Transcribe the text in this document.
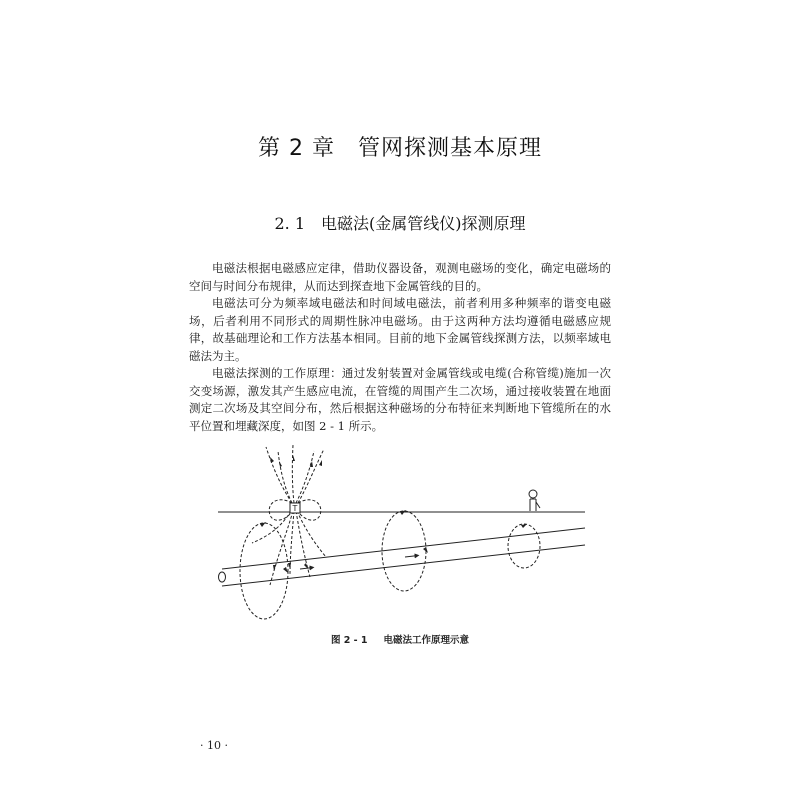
第 2 章　管网探测基本原理
2. 1　电磁法(金属管线仪)探测原理

电磁法根据电磁感应定律，借助仪器设备，观测电磁场的变化，确定电磁场的空间与时间分布规律，从而达到探查地下金属管线的目的。

电磁法可分为频率域电磁法和时间域电磁法，前者利用多种频率的谐变电磁场，后者利用不同形式的周期性脉冲电磁场。由于这两种方法均遵循电磁感应规律，故基础理论和工作方法基本相同。目前的地下金属管线探测方法，以频率域电磁法为主。

电磁法探测的工作原理：通过发射装置对金属管线或电缆(合称管缆)施加一次交变场源，激发其产生感应电流，在管缆的周围产生二次场，通过接收装置在地面测定二次场及其空间分布，然后根据这种磁场的分布特征来判断地下管缆所在的水平位置和埋藏深度，如图 2 - 1 所示。

T
图 2 - 1 电磁法工作原理示意
· 10 ·
